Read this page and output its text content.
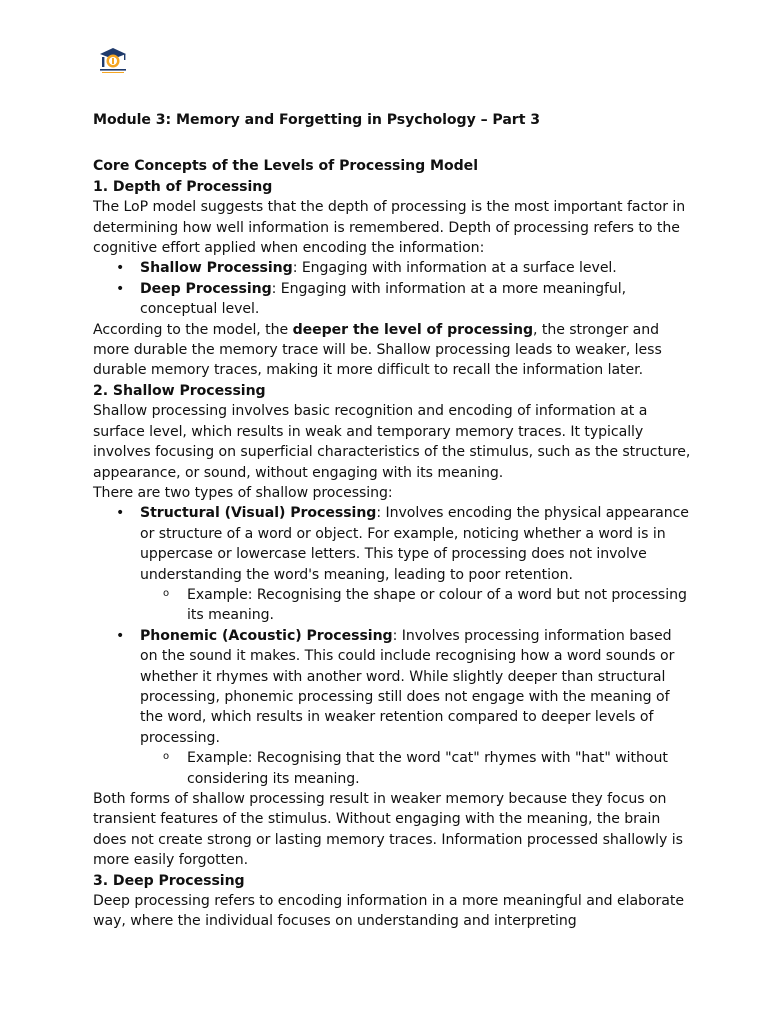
Module 3: Memory and Forgetting in Psychology – Part 3

Core Concepts of the Levels of Processing Model

1. Depth of Processing

The LoP model suggests that the depth of processing is the most important factor in determining how well information is remembered. Depth of processing refers to the cognitive effort applied when encoding the information:

• Shallow Processing: Engaging with information at a surface level.
• Deep Processing: Engaging with information at a more meaningful, conceptual level.

According to the model, the deeper the level of processing, the stronger and more durable the memory trace will be. Shallow processing leads to weaker, less durable memory traces, making it more difficult to recall the information later.

2. Shallow Processing

Shallow processing involves basic recognition and encoding of information at a surface level, which results in weak and temporary memory traces. It typically involves focusing on superficial characteristics of the stimulus, such as the structure, appearance, or sound, without engaging with its meaning.

There are two types of shallow processing:

• Structural (Visual) Processing: Involves encoding the physical appearance or structure of a word or object. For example, noticing whether a word is in uppercase or lowercase letters. This type of processing does not involve understanding the word's meaning, leading to poor retention.
o Example: Recognising the shape or colour of a word but not processing its meaning.
• Phonemic (Acoustic) Processing: Involves processing information based on the sound it makes. This could include recognising how a word sounds or whether it rhymes with another word. While slightly deeper than structural processing, phonemic processing still does not engage with the meaning of the word, which results in weaker retention compared to deeper levels of processing.
o Example: Recognising that the word "cat" rhymes with "hat" without considering its meaning.

Both forms of shallow processing result in weaker memory because they focus on transient features of the stimulus. Without engaging with the meaning, the brain does not create strong or lasting memory traces. Information processed shallowly is more easily forgotten.

3. Deep Processing

Deep processing refers to encoding information in a more meaningful and elaborate way, where the individual focuses on understanding and interpreting
